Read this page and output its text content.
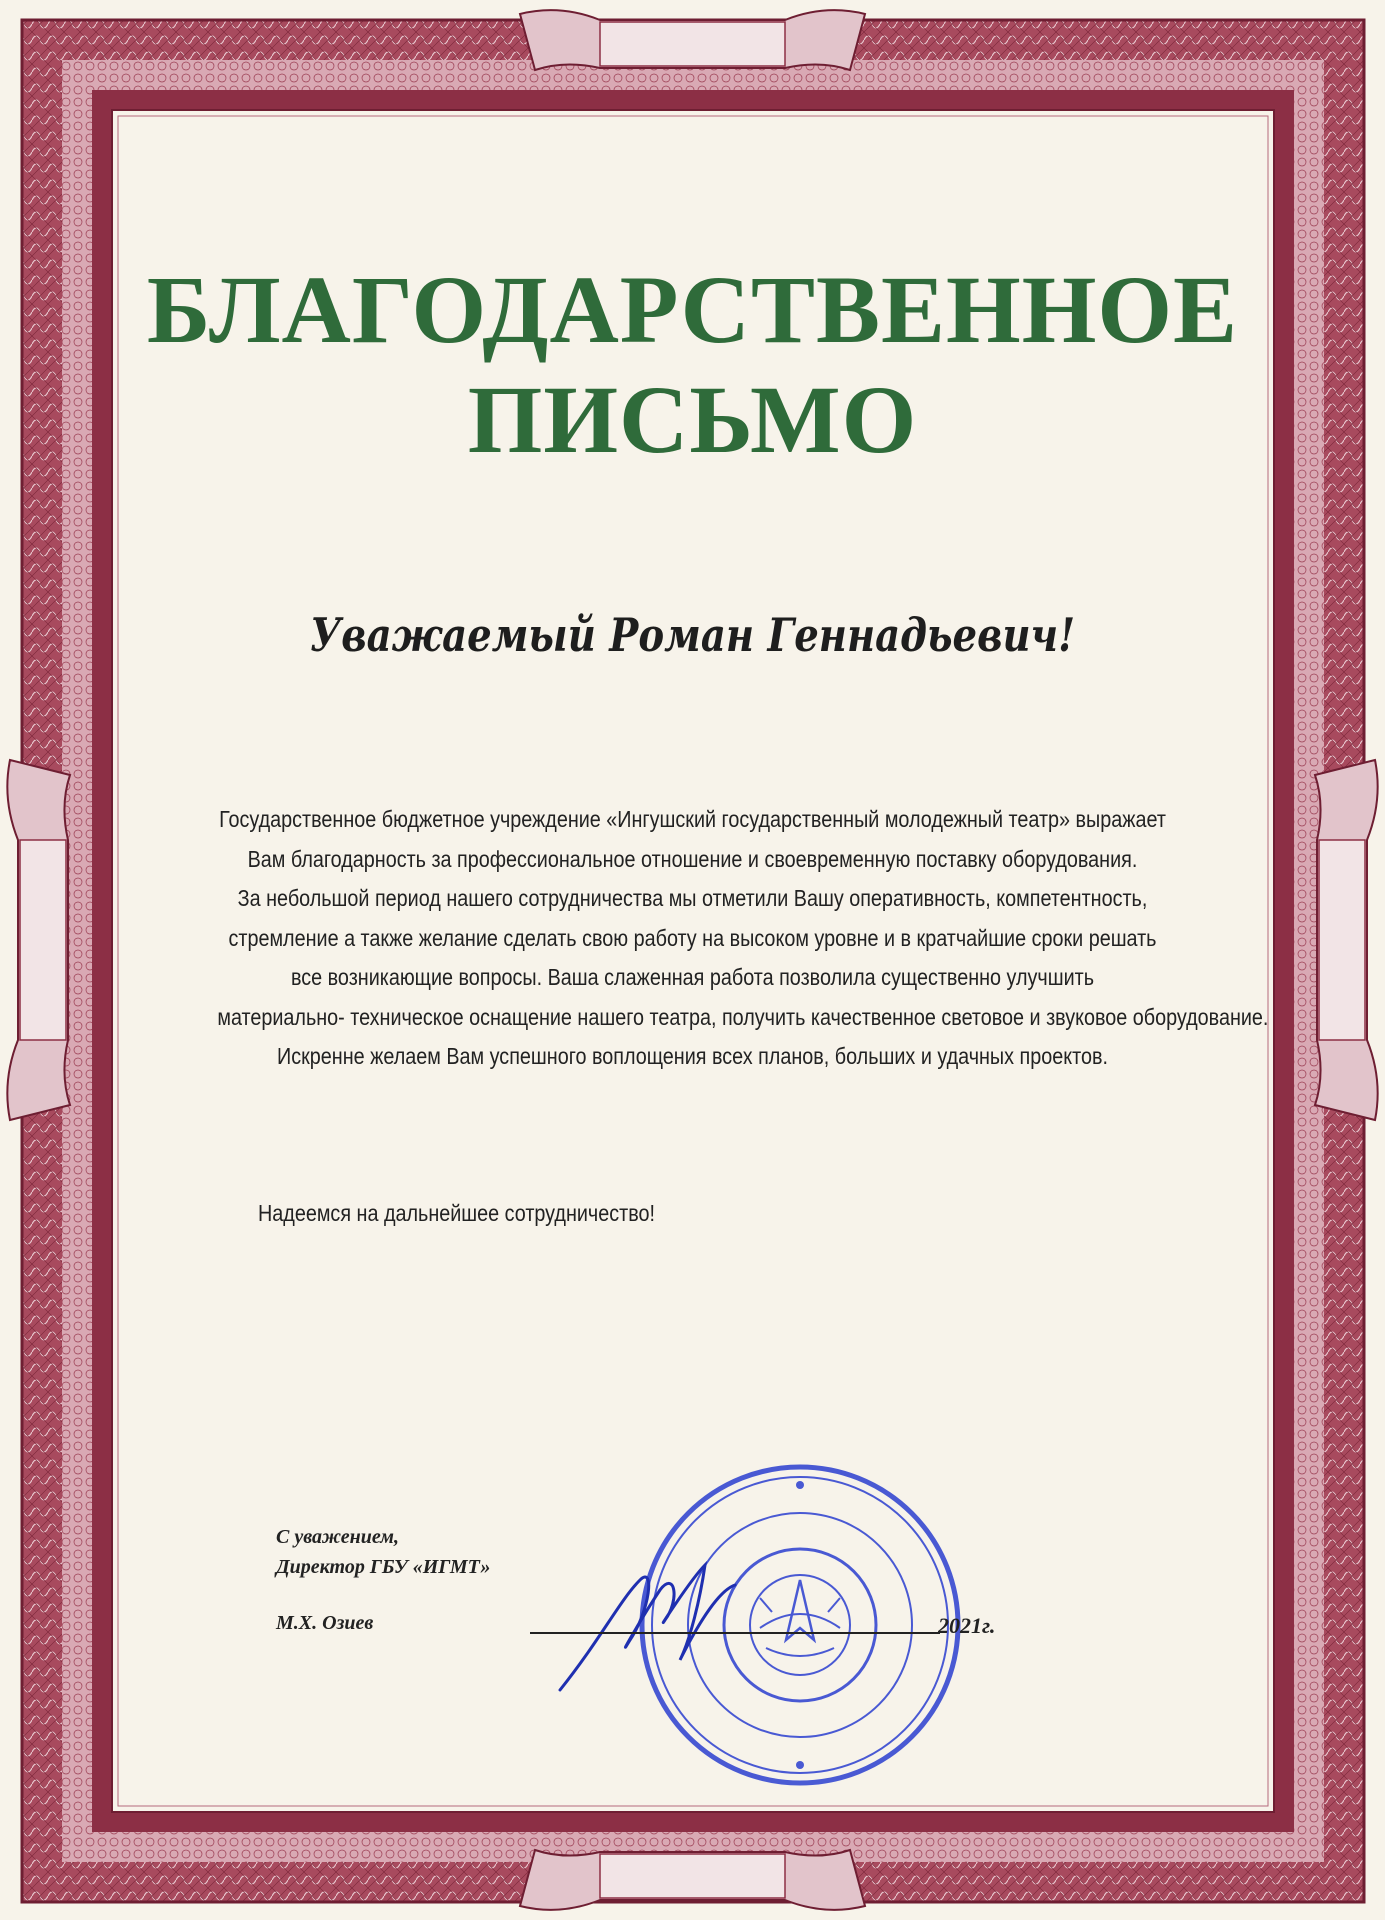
БЛАГОДАРСТВЕННОЕ
ПИСЬМО
Уважаемый Роман Геннадьевич!
Государственное бюджетное учреждение «Ингушский государственный молодежный театр» выражает
Вам благодарность за профессиональное отношение и своевременную поставку оборудования.
За небольшой период нашего сотрудничества мы отметили Вашу оперативность, компетентность,
стремление а также желание сделать свою работу на высоком уровне и в кратчайшие сроки решать
все возникающие вопросы. Ваша слаженная работа позволила существенно улучшить
материально- техническое оснащение нашего театра, получить качественное световое и звуковое оборудование.
Искренне желаем Вам успешного воплощения всех планов, больших и удачных проектов.
Надеемся на дальнейшее сотрудничество!
С уважением,
Директор ГБУ «ИГМТ»
М.Х. Озиев	2021г.
